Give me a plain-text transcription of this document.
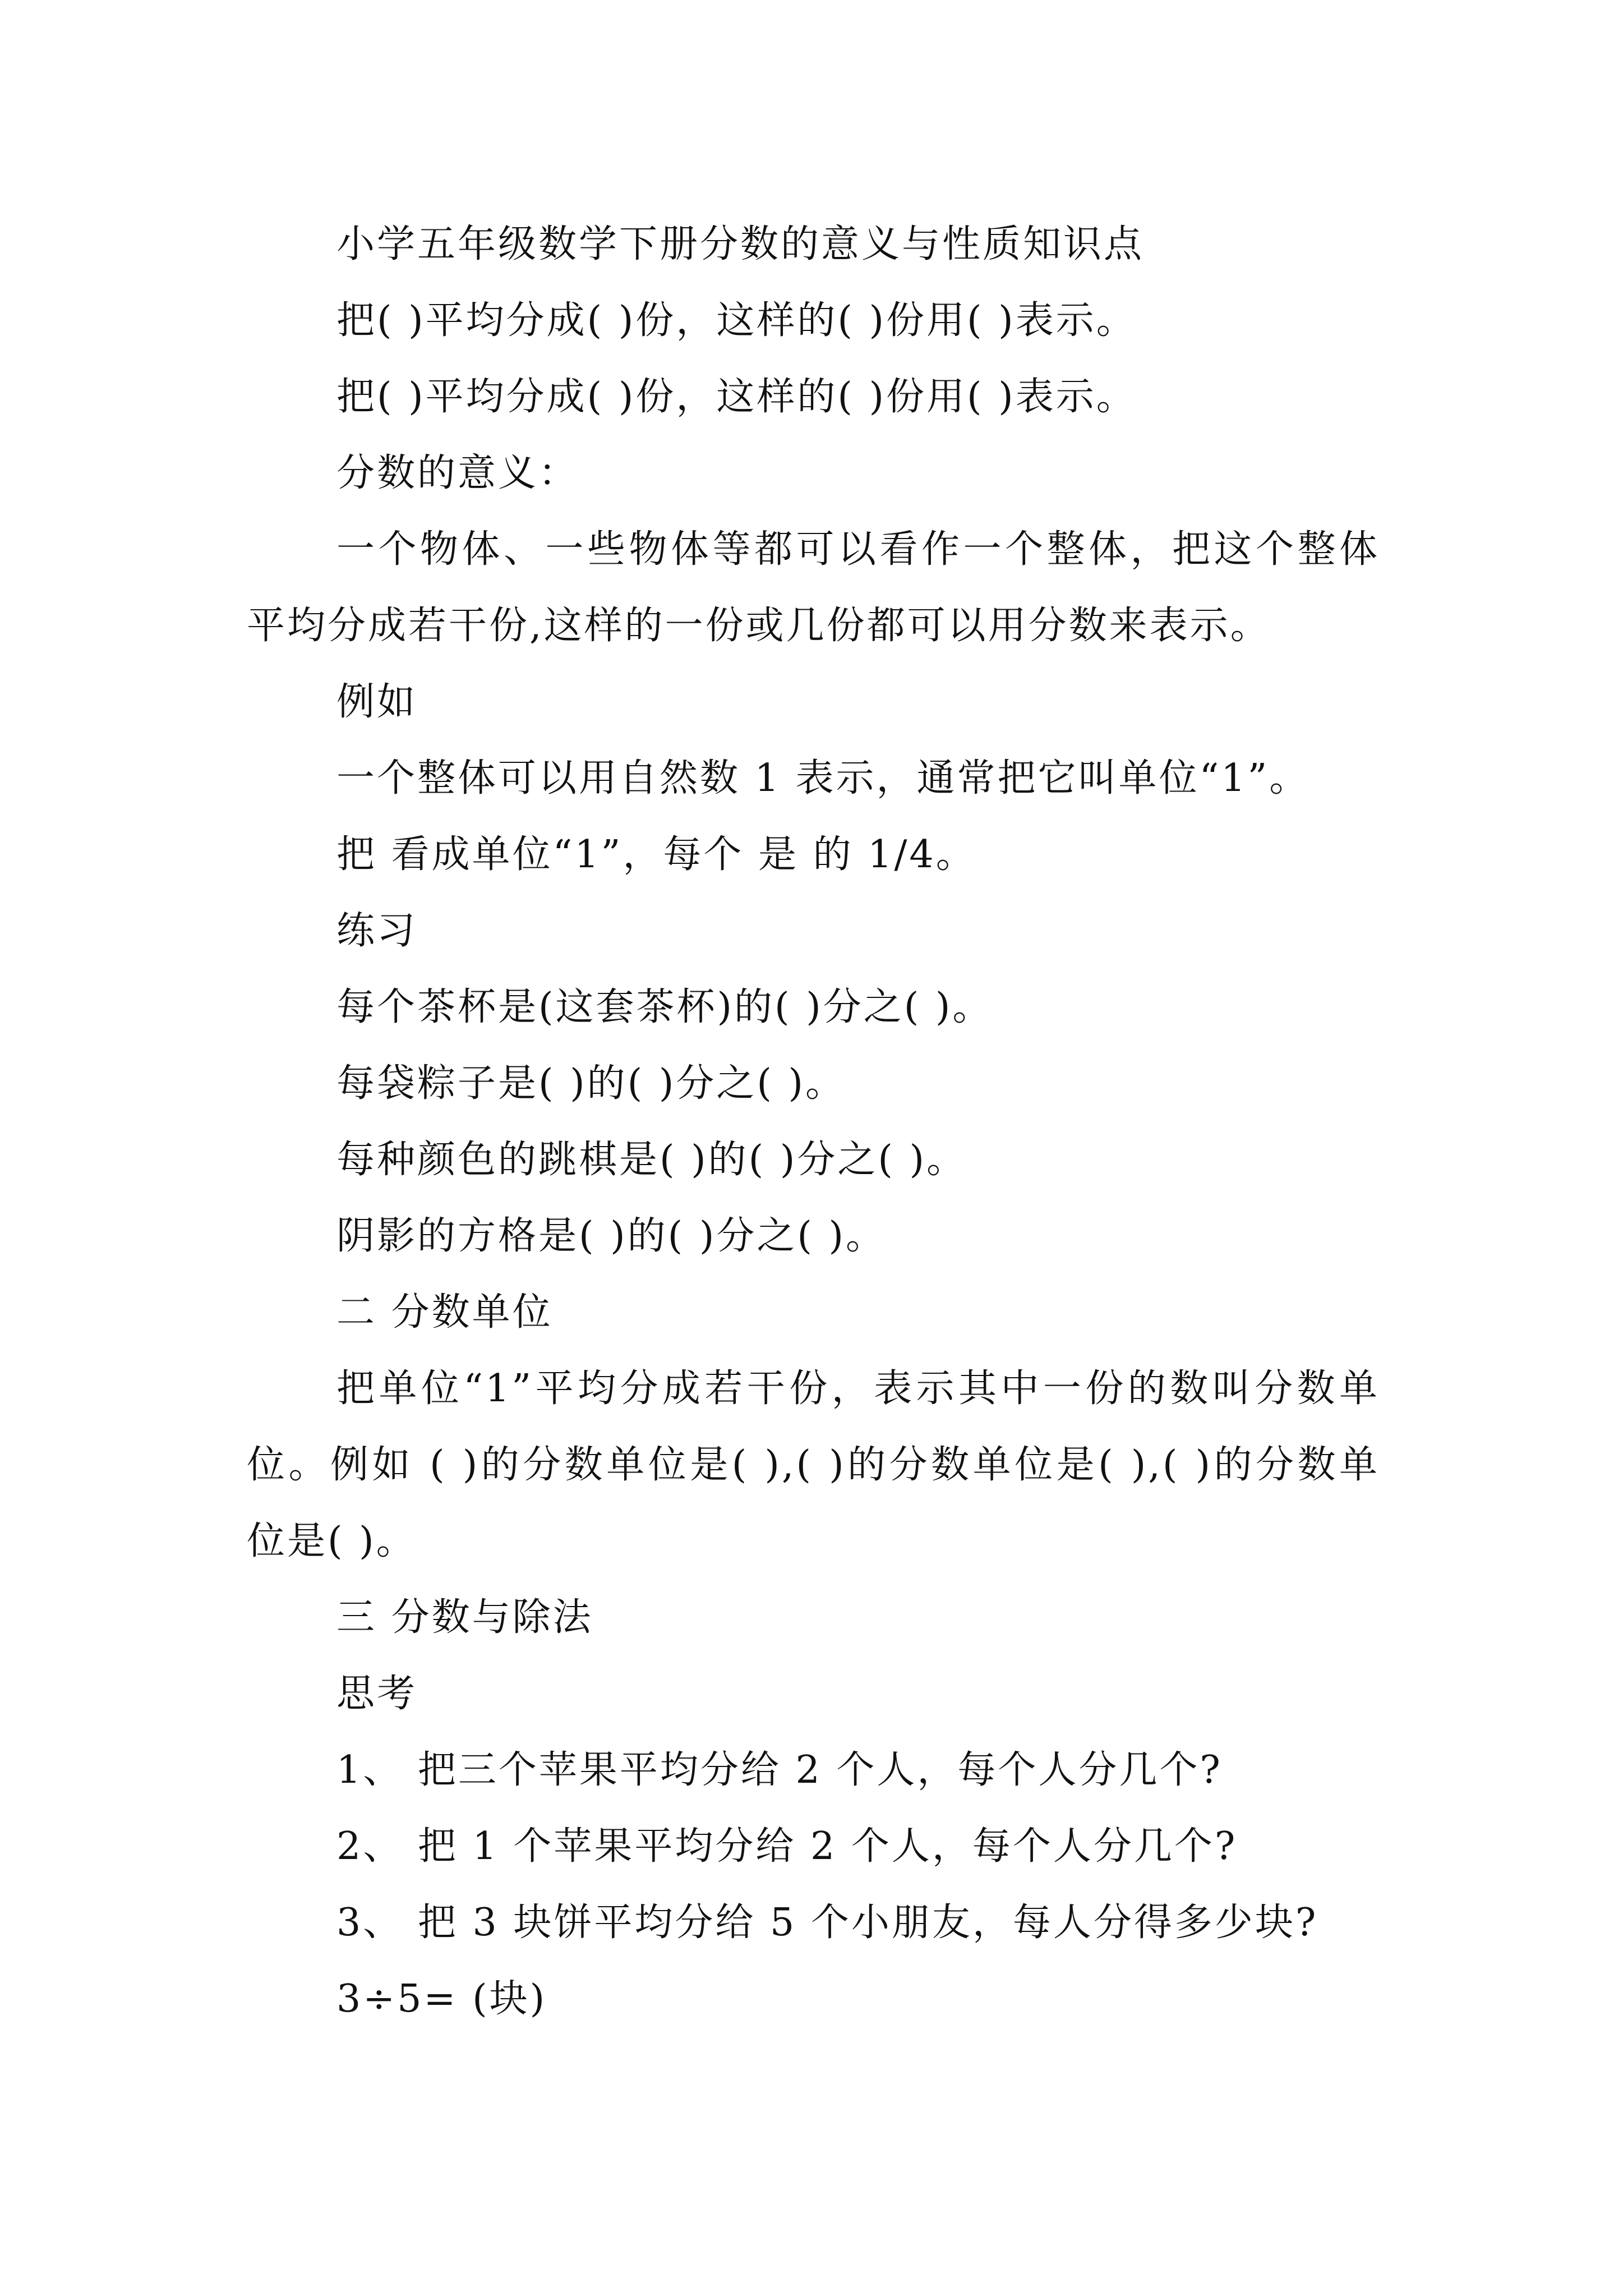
小学五年级数学下册分数的意义与性质知识点

把( )平均分成( )份，这样的( )份用( )表示。

把( )平均分成( )份，这样的( )份用( )表示。

分数的意义：

一个物体、一些物体等都可以看作一个整体，把这个整体平均分成若干份,这样的一份或几份都可以用分数来表示。

例如

一个整体可以用自然数 1 表示，通常把它叫单位“1”。

把 看成单位“1”，每个 是 的 1/4。

练习

每个茶杯是(这套茶杯)的( )分之( )。

每袋粽子是( )的( )分之( )。

每种颜色的跳棋是( )的( )分之( )。

阴影的方格是( )的( )分之( )。

二 分数单位

把单位“1”平均分成若干份，表示其中一份的数叫分数单位。例如 ( )的分数单位是( ),( )的分数单位是( ),( )的分数单位是( )。

三 分数与除法

思考

1、 把三个苹果平均分给 2 个人，每个人分几个?

2、 把 1 个苹果平均分给 2 个人，每个人分几个?

3、 把 3 块饼平均分给 5 个小朋友，每人分得多少块?

3÷5= (块)
